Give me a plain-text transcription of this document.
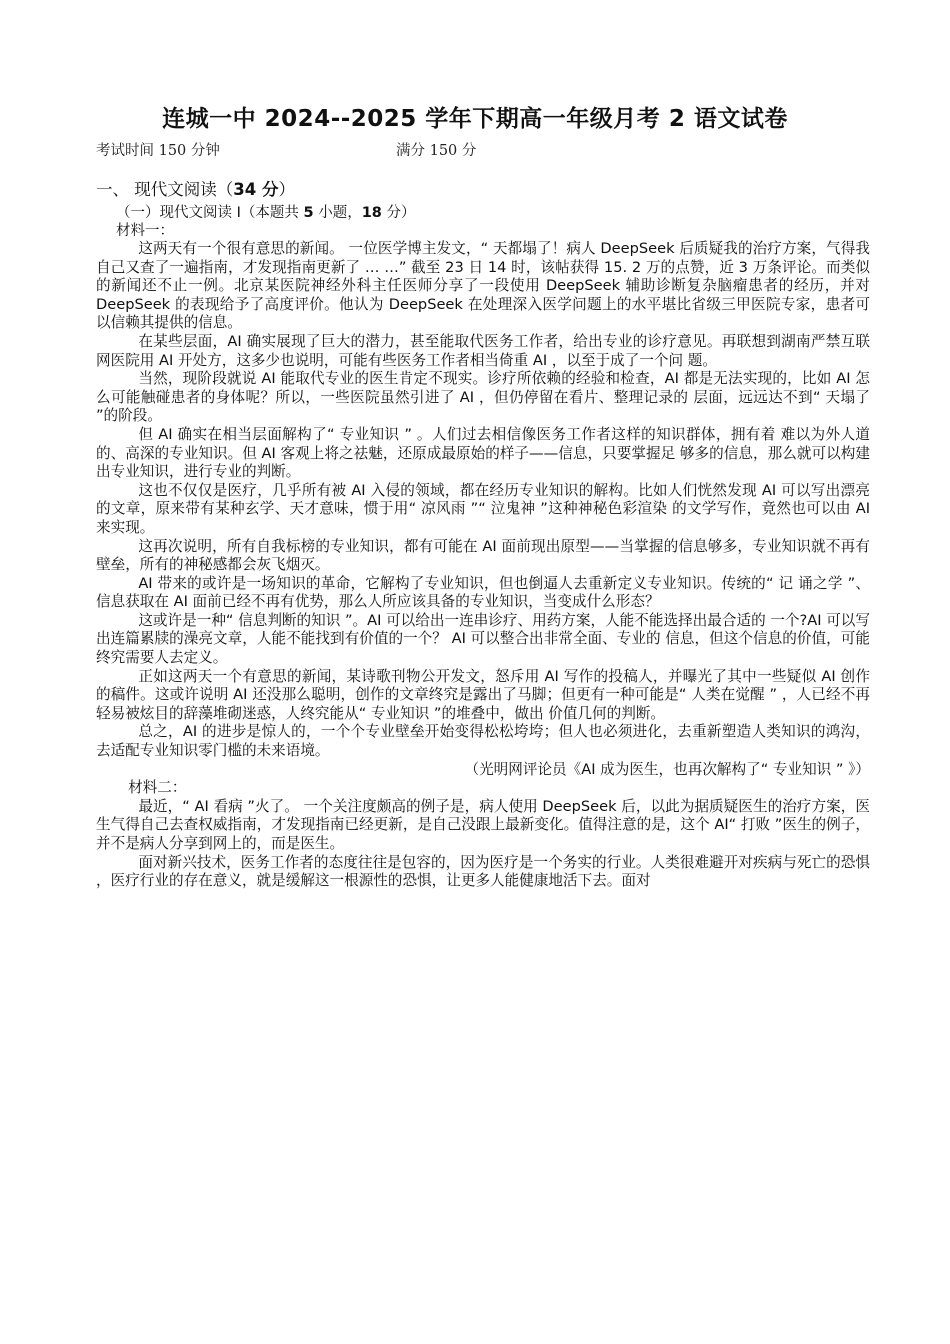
连城一中 2024--2025 学年下期高一年级月考 2 语文试卷
考试时间 150 分钟	满分 150 分
一、 现代文阅读（34 分）
（一）现代文阅读 I（本题共 5 小题，18 分） 材料一：

这两天有一个很有意思的新闻。 一位医学博主发文，“ 天都塌了！病人 DeepSeek 后质疑我的治疗方案，气得我自己又查了一遍指南，才发现指南更新了 … …” 截至 23 日 14 时，该帖获得 15. 2 万的点赞，近 3 万条评论。而类似的新闻还不止一例。北京某医院神经外科主任医师分享了一段使用 DeepSeek 辅助诊断复杂脑瘤患者的经历，并对 DeepSeek 的表现给予了高度评价。他认为 DeepSeek 在处理深入医学问题上的水平堪比省级三甲医院专家，患者可以信赖其提供的信息。

在某些层面，AI 确实展现了巨大的潜力，甚至能取代医务工作者，给出专业的诊疗意见。再联想到湖南严禁互联网医院用 AI 开处方，这多少也说明，可能有些医务工作者相当倚重 AI ，以至于成了一个问 题。

当然，现阶段就说 AI 能取代专业的医生肯定不现实。诊疗所依赖的经验和检查，AI 都是无法实现的，比如 AI 怎么可能触碰患者的身体呢？所以，一些医院虽然引进了 AI ，但仍停留在看片、整理记录的 层面，远远达不到“ 天塌了 ”的阶段。

但 AI 确实在相当层面解构了“ 专业知识 ” 。人们过去相信像医务工作者这样的知识群体，拥有着 难以为外人道的、高深的专业知识。但 AI 客观上将之祛魅，还原成最原始的样子——信息，只要掌握足 够多的信息，那么就可以构建出专业知识，进行专业的判断。

这也不仅仅是医疗，几乎所有被 AI 入侵的领域，都在经历专业知识的解构。比如人们恍然发现 AI 可以写出漂亮的文章，原来带有某种玄学、天才意味，惯于用“ 凉风雨 ”“ 泣鬼神 ”这种神秘色彩渲染 的文学写作，竟然也可以由 AI 来实现。

这再次说明，所有自我标榜的专业知识，都有可能在 AI 面前现出原型——当掌握的信息够多，专业知识就不再有壁垒，所有的神秘感都会灰飞烟灭。

AI 带来的或许是一场知识的革命，它解构了专业知识，但也倒逼人去重新定义专业知识。传统的“ 记 诵之学 ”、信息获取在 AI 面前已经不再有优势，那么人所应该具备的专业知识，当变成什么形态？

这或许是一种“ 信息判断的知识 ”。AI 可以给出一连串诊疗、用药方案，人能不能选择出最合适的 一个?AI 可以写出连篇累牍的澡亮文章，人能不能找到有价值的一个？ AI 可以整合出非常全面、专业的 信息，但这个信息的价值，可能终究需要人去定义。

正如这两天一个有意思的新闻，某诗歌刊物公开发文，怒斥用 AI 写作的投稿人，并曝光了其中一些疑似 AI 创作的稿件。这或许说明 AI 还没那么聪明，创作的文章终究是露出了马脚；但更有一种可能是“ 人类在觉醒 ” ，人已经不再轻易被炫目的辞藻堆砌迷惑，人终究能从“ 专业知识 ”的堆叠中，做出 价值几何的判断。

总之，AI 的进步是惊人的，一个个专业壁垒开始变得松松垮垮；但人也必须进化，去重新塑造人类知识的鸿沟，去适配专业知识零门槛的未来语境。

（光明网评论员《AI 成为医生，也再次解构了“ 专业知识 ” 》）

材料二：

最近，“ AI 看病 ”火了。 一个关注度颇高的例子是，病人使用 DeepSeek 后，以此为据质疑医生的治疗方案，医生气得自己去查权威指南，才发现指南已经更新，是自己没跟上最新变化。值得注意的是，这个 AI“ 打败 ”医生的例子，并不是病人分享到网上的，而是医生。

面对新兴技术，医务工作者的态度往往是包容的，因为医疗是一个务实的行业。人类很难避开对疾病与死亡的恐惧 ，医疗行业的存在意义，就是缓解这一根源性的恐惧，让更多人能健康地活下去。面对
